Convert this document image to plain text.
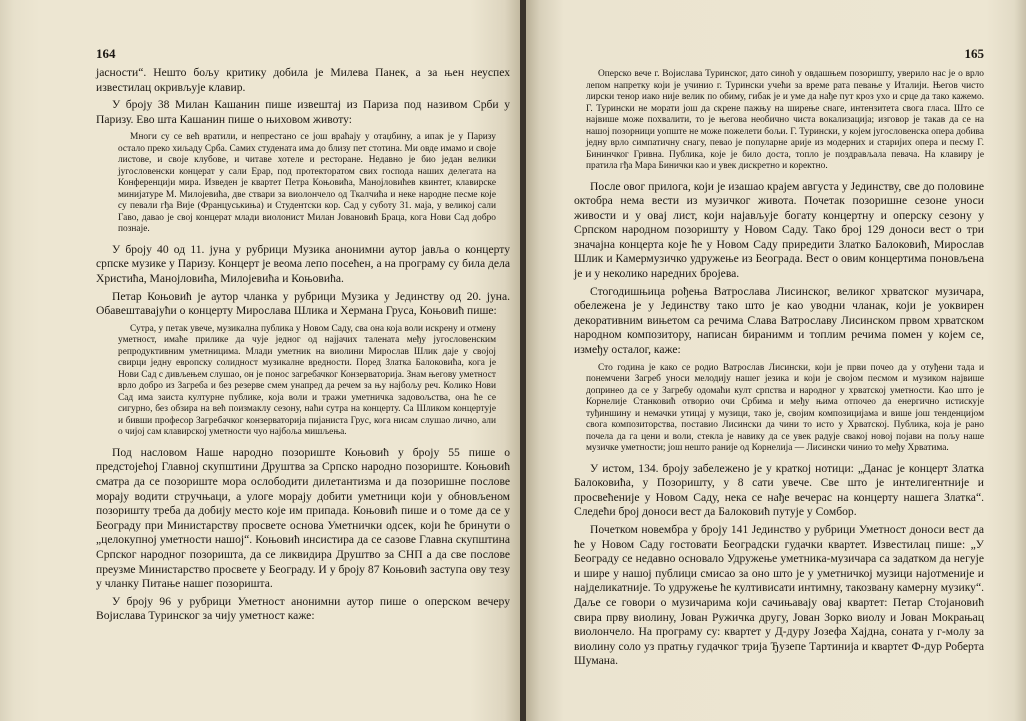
164

јасности“. Нешто бољу критику добила је Милева Панек, а за њен неуспех известилац окривљује клавир.

У броју 38 Милан Кашанин пише извештај из Париза под називом Срби у Паризу. Ево шта Кашанин пише о њиховом животу:

Многи су се већ вратили, и непрестано се још враћају у отаџбину, а ипак је у Паризу остало преко хиљаду Срба. Самих студената има до близу пет стотина. Ми овде имамо и своје листове, и своје клубове, и читаве хотеле и ресторане. Недавно је био један велики југословенски концерат у сали Ерар, под протекторатом свих господа наших делегата на Конференцији мира. Изведен је квартет Петра Коњовића, Манојловићев квинтет, клавирске минијатуре М. Милојевића, две ствари за виолончело од Ткалчића и неке народне песме које су певали гђа Вије (Француськиња) и Студентски кор. Сад у суботу 31. маја, у великој сали Гаво, давао је свој концерат млади виолонист Милан Јовановић Браца, кога Нови Сад добро познаје.

У броју 40 од 11. јуна у рубрици Музика анонимни аутор јавља о концерту српске музике у Паризу. Концерт је веома лепо посећен, а на програму су била дела Христића, Манојловића, Милојевића и Коњовића.

Петар Коњовић је аутор чланка у рубрици Музика у Јединству од 20. јуна. Обавештавајући о концерту Мирослава Шлика и Хермана Груса, Коњовић пише:

Сутра, у петак увече, музикална публика у Новом Саду, сва она која воли искрену и отмену уметност, имаће прилике да чује једног од најјачих талената међу југословенским репродуктивним уметницима. Млади уметник на виолини Мирослав Шлик даје у својој свирци једну европску солидност музикалне вредности. Поред Златка Балоковића, кога је Нови Сад с дивљењем слушао, он је понос загребачког Конзерваторија. Знам његову уметност врло добро из Загреба и без резерве смем унапред да речем за њу најбољу реч. Колико Нови Сад има заиста културне публике, која воли и тражи уметничка задовољства, она ће се сигурно, без обзира на већ поизмаклу сезону, наћи сутра на концерту. Са Шликом концертује и бивши професор Загребачког конзерваторија пијаниста Грус, кога нисам слушао лично, али о чијој сам клавирској уметности чуо најбоља мишљења.

Под насловом Наше народно позориште Коњовић у броју 55 пише о предстојећој Главној скупштини Друштва за Српско народно позориште. Коњовић сматра да се позориште мора ослободити дилетантизма и да позоришне послове морају водити стручњаци, а улоге морају добити уметници који у обновљеном позоришту треба да добију место које им припада. Коњовић пише и о томе да се у Београду при Министарству просвете основа Уметнички одсек, који ће бринути о „целокупној уметности нашој“. Коњовић инсистира да се сазове Главна скупштина Српског народног позоришта, да се ликвидира Друштво за СНП а да све послове преузме Министарство просвете у Београду. И у броју 87 Коњовић заступа ову тезу у чланку Питање нашег позоришта.

У броју 96 у рубрици Уметност анонимни аутор пише о оперском вечеру Војислава Туринског за чију уметност каже:

165

Оперско вече г. Војислава Туринског, дато синоћ у овдашњем позоришту, уверило нас је о врло лепом напретку који је учинио г. Турински учећи за време рата певање у Италији. Његов чисто лирски тенор иако није велик по обиму, гибак је и уме да нађе пут кроз ухо и срце да тако кажемо. Г. Турински не морати још да скрене пажњу на ширење снаге, интензитета свога гласа. Што се највише може похвалити, то је његова необично чиста вокализација; изговор је такав да се на нашој позорници уопште не може пожелети бољи. Г. Турински, у којем југословенска опера добива једну врло симпатичну снагу, певао је популарне арије из модерних и старијих опера и песму Г. Бининчког Гривна. Публика, које је било доста, топло је поздрављала певача. На клавиру је пратила гђа Мара Бинички као и увек дискретно и коректно.

После овог прилога, који је изашао крајем августа у Јединству, све до половине октобра нема вести из музичког живота. Почетак позоришне сезоне уноси живости и у овај лист, који најављује богату концертну и оперску сезону у Српском народном позоришту у Новом Саду. Тако број 129 доноси вест о три значајна концерта које ће у Новом Саду приредити Златко Балоковић, Мирослав Шлик и Камермузичко удружење из Београда. Вест о овим концертима поновљена је и у неколико наредних бројева.

Стогодишњица рођења Ватрослава Лисинског, великог хрватског музичара, обележена је у Јединству тако што је као уводни чланак, који је уоквирен декоративним вињетом са речима Слава Ватрославу Лисинском првом хрватском народном композитору, написан биранимм и топлим речима помен у којем се, између осталог, каже:

Сто година је како се родио Ватрослав Лисински, који је први почео да у отуђени тада и понемчени Загреб уноси мелодију нашег језика и који је својом песмом и музиком највише допринео да се у Загребу одомаћи култ српства и народног у хрватској уметности. Као што је Корнелије Станковић отворио очи Србима и међу њима отпочео да енергично истискује туђиншину и немачки утицај у музици, тако је, својим композицијама и више још тенденцијом свога композиторства, поставио Лисински да чини то исто у Хрватској. Публика, која је рано почела да га цени и воли, стекла је навику да се увек радује свакој новој појави на пољу наше музичке уметности; још нешто раније од Корнелија — Лисински чинио то међу Хрватима.

У истом, 134. броју забележено је у краткој нотици: „Данас је концерт Златка Балоковића, у Позоришту, у 8 сати увече. Све што је интелигентније и просвећеније у Новом Саду, нека се нађе вечерас на концерту нашега Златка“. Следећи број доноси вест да Балоковић путује у Сомбор.

Почетком новембра у броју 141 Јединство у рубрици Уметност доноси вест да ће у Новом Саду гостовати Београдски гудачки квартет. Известилац пише: „У Београду се недавно основало Удружење уметника-музичара са задатком да негује и шире у нашој публици смисао за оно што је у уметничкој музици најотменије и најделикатније. То удружење ће култивисати интимну, такозвану камерну музику“. Даље се говори о музичарима који сачињавају овај квартет: Петар Стојановић свира прву виолину, Јован Ружичка другу, Јован Зорко виолу и Јован Мокрањац виолончело. На програму су: квартет у Д-дуру Јозефа Хајдна, соната у г-молу за виолину соло уз пратњу гудачког трија Ђузепе Тартинија и квартет Ф-дур Роберта Шумана.
